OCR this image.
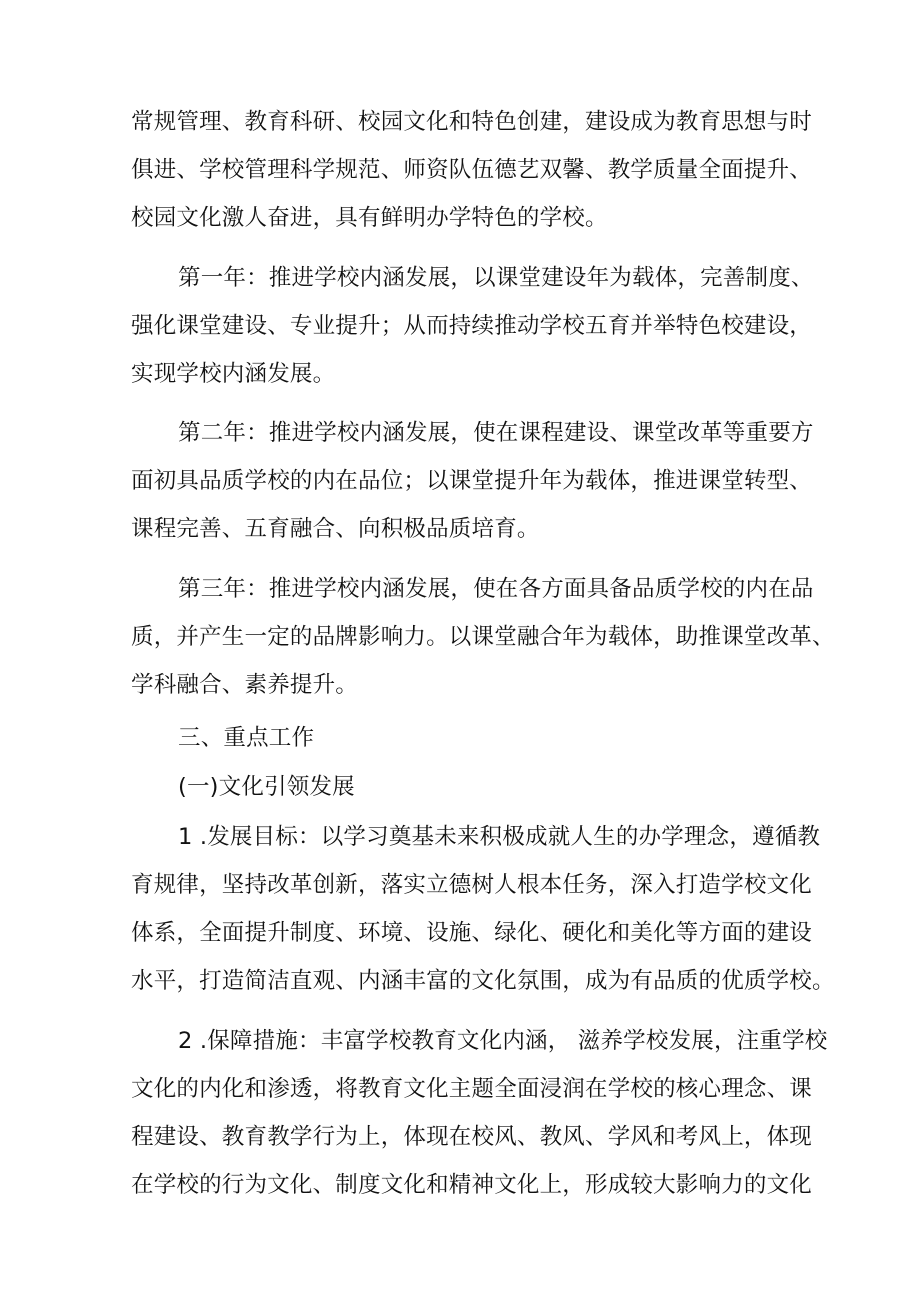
常规管理、教育科研、校园文化和特色创建，建设成为教育思想与时
俱进、学校管理科学规范、师资队伍德艺双馨、教学质量全面提升、
校园文化激人奋进，具有鲜明办学特色的学校。
第一年：推进学校内涵发展，以课堂建设年为载体，完善制度、
强化课堂建设、专业提升；从而持续推动学校五育并举特色校建设，
实现学校内涵发展。
第二年：推进学校内涵发展，使在课程建设、课堂改革等重要方
面初具品质学校的内在品位；以课堂提升年为载体，推进课堂转型、
课程完善、五育融合、向积极品质培育。
第三年：推进学校内涵发展，使在各方面具备品质学校的内在品
质，并产生一定的品牌影响力。以课堂融合年为载体，助推课堂改革、
学科融合、素养提升。
三、重点工作
(一)文化引领发展
1 .发展目标：以学习奠基未来积极成就人生的办学理念，遵循教
育规律，坚持改革创新，落实立德树人根本任务，深入打造学校文化
体系，全面提升制度、环境、设施、绿化、硬化和美化等方面的建设
水平，打造简洁直观、内涵丰富的文化氛围，成为有品质的优质学校。
2 .保障措施：丰富学校教育文化内涵， 滋养学校发展，注重学校
文化的内化和渗透，将教育文化主题全面浸润在学校的核心理念、课
程建设、教育教学行为上，体现在校风、教风、学风和考风上，体现
在学校的行为文化、制度文化和精神文化上，形成较大影响力的文化
